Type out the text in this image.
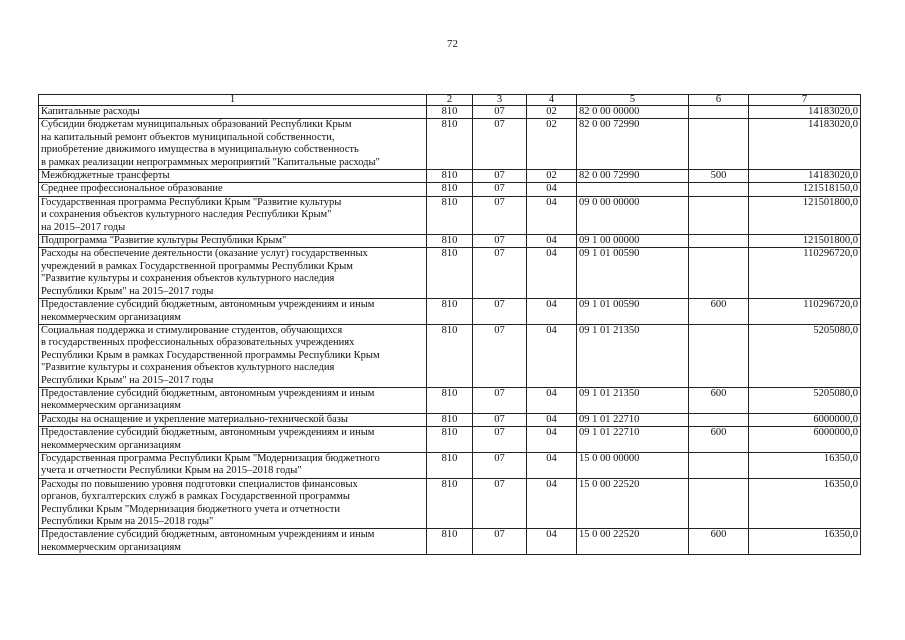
72
1	2	3	4	5	6	7

Капитальные расходы	810	07	02	82 0 00 00000		14183020,0

Субсидии бюджетам муниципальных образований Республики Крым
на капитальный ремонт объектов муниципальной собственности,
приобретение движимого имущества в муниципальную собственность
в рамках реализации непрограммных мероприятий "Капитальные расходы"	810	07	02	82 0 00 72990		14183020,0

Межбюджетные трансферты	810	07	02	82 0 00 72990	500	14183020,0

Среднее профессиональное образование	810	07	04			121518150,0

Государственная программа Республики Крым "Развитие культуры
и сохранения объектов культурного наследия Республики Крым"
на 2015–2017 годы	810	07	04	09 0 00 00000		121501800,0

Подпрограмма "Развитие культуры Республики Крым"	810	07	04	09 1 00 00000		121501800,0

Расходы на обеспечение деятельности (оказание услуг) государственных
учреждений в рамках Государственной программы Республики Крым
"Развитие культуры и сохранения объектов культурного наследия
Республики Крым" на 2015–2017 годы	810	07	04	09 1 01 00590		110296720,0

Предоставление субсидий бюджетным, автономным учреждениям и иным
некоммерческим организациям	810	07	04	09 1 01 00590	600	110296720,0

Социальная поддержка и стимулирование студентов, обучающихся
в государственных профессиональных образовательных учреждениях
Республики Крым в рамках Государственной программы Республики Крым
"Развитие культуры и сохранения объектов культурного наследия
Республики Крым" на 2015–2017 годы	810	07	04	09 1 01 21350		5205080,0

Предоставление субсидий бюджетным, автономным учреждениям и иным
некоммерческим организациям	810	07	04	09 1 01 21350	600	5205080,0

Расходы на оснащение и укрепление материально-технической базы	810	07	04	09 1 01 22710		6000000,0

Предоставление субсидий бюджетным, автономным учреждениям и иным
некоммерческим организациям	810	07	04	09 1 01 22710	600	6000000,0

Государственная программа Республики Крым "Модернизация бюджетного
учета и отчетности Республики Крым на 2015–2018 годы"	810	07	04	15 0 00 00000		16350,0

Расходы по повышению уровня подготовки специалистов финансовых
органов, бухгалтерских служб в рамках Государственной программы
Республики Крым "Модернизация бюджетного учета и отчетности
Республики Крым на 2015–2018 годы"	810	07	04	15 0 00 22520		16350,0

Предоставление субсидий бюджетным, автономным учреждениям и иным
некоммерческим организациям	810	07	04	15 0 00 22520	600	16350,0
